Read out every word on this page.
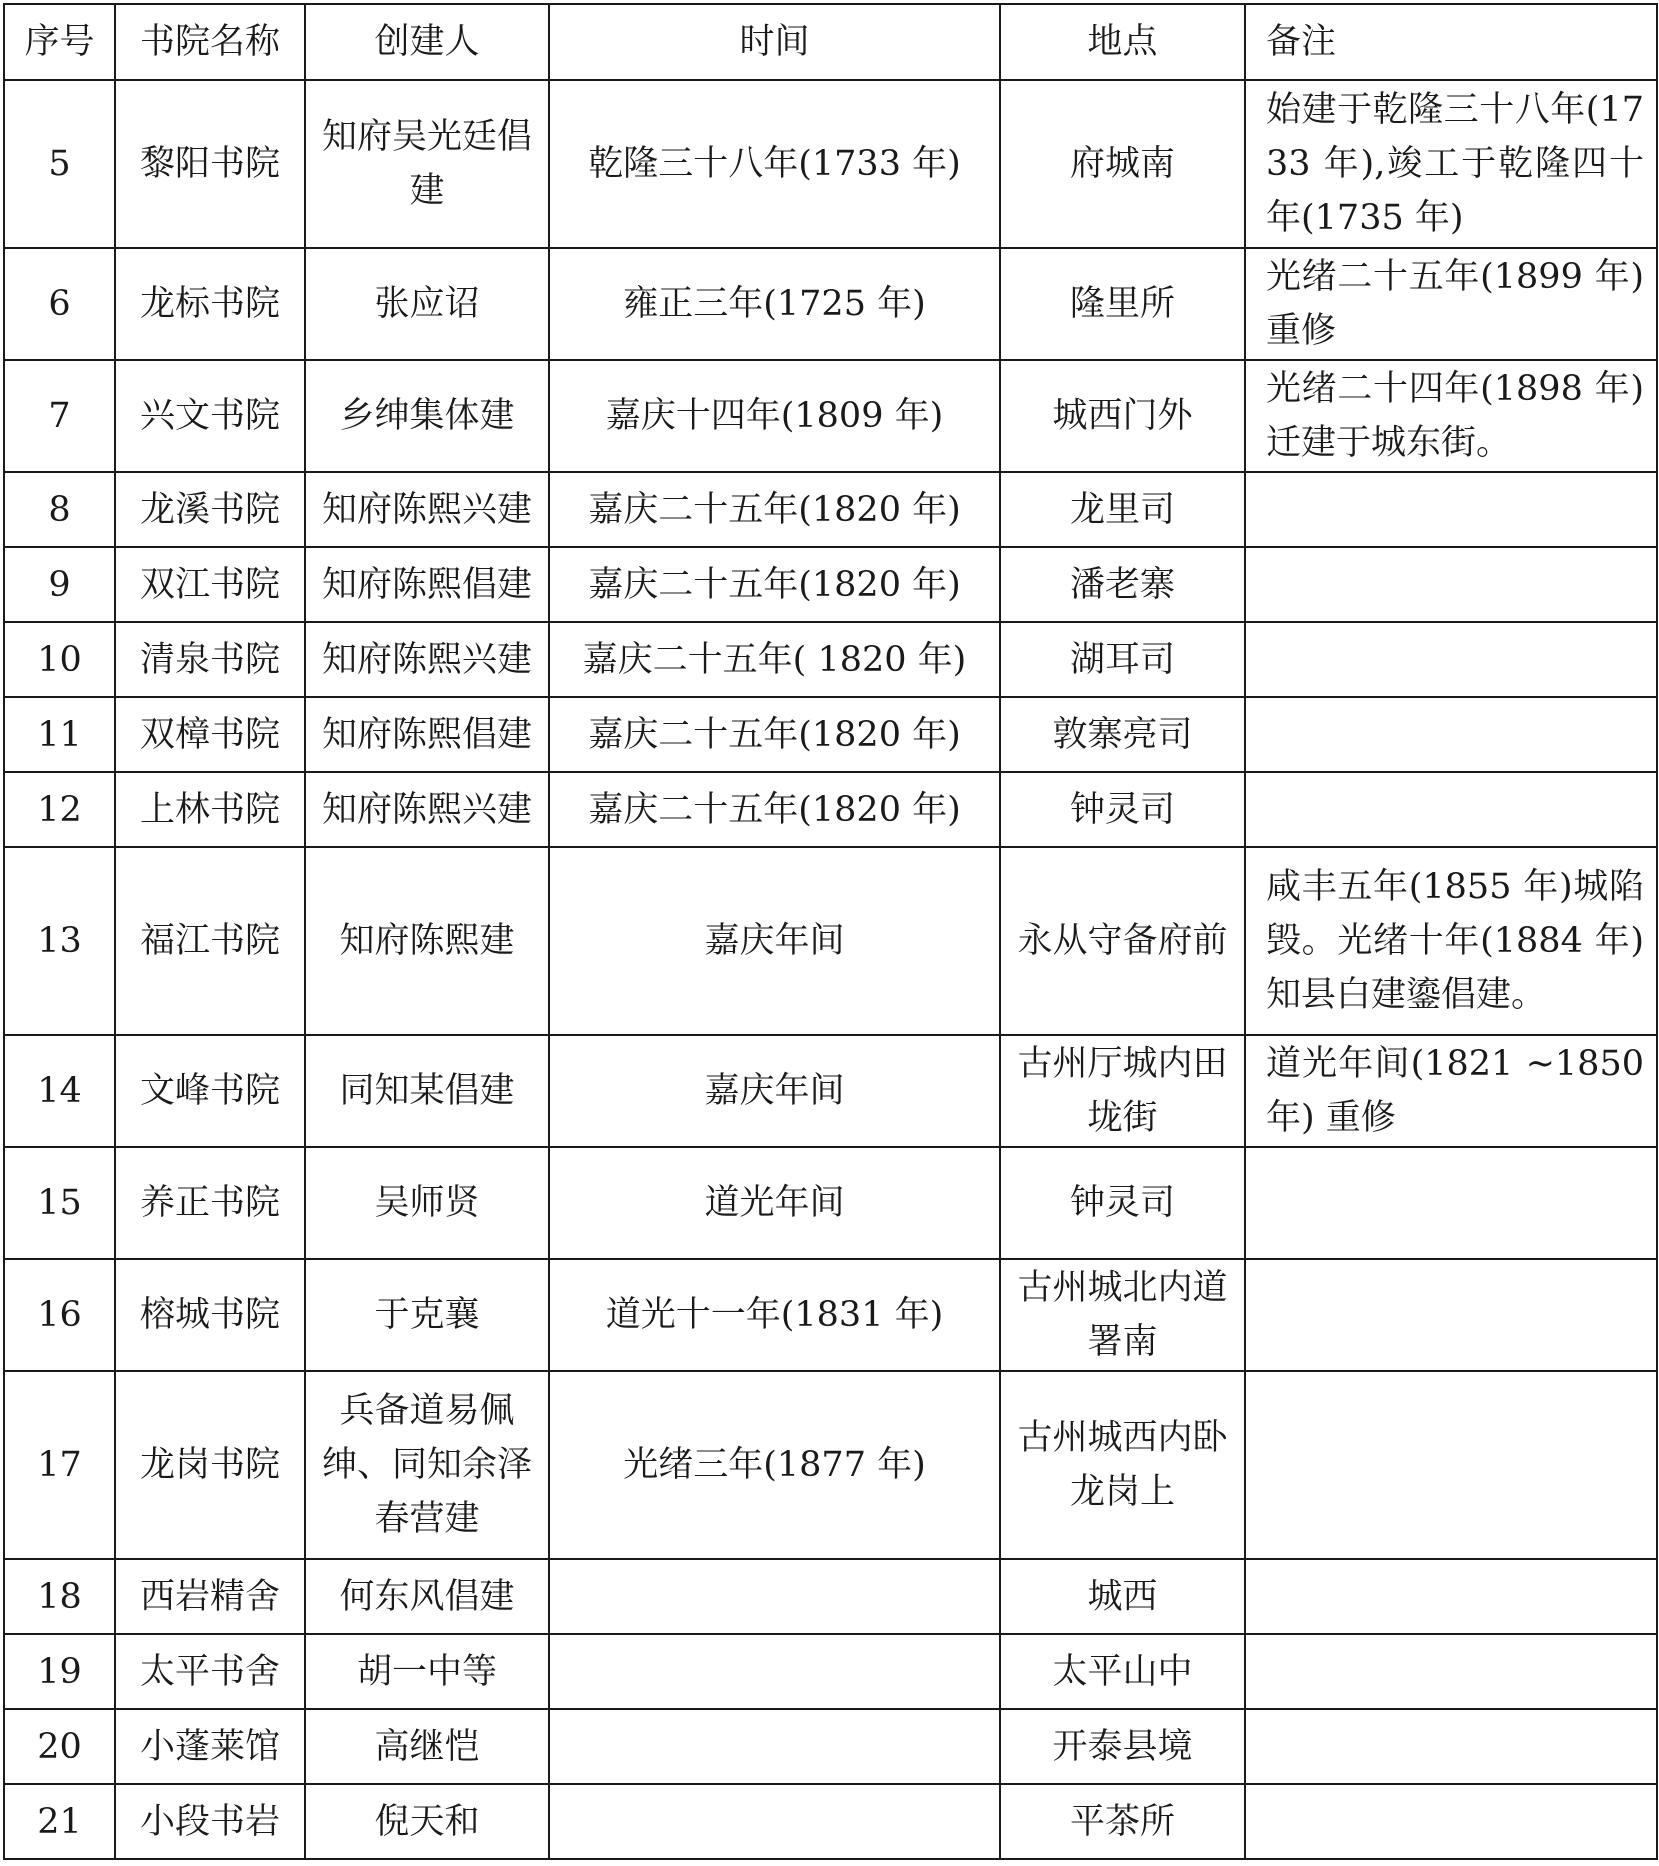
序号	书院名称	创建人	时间	地点	备注
5	黎阳书院	知府吴光廷倡建	乾隆三十八年(1733 年)	府城南	始建于乾隆三十八年(1733 年),竣工于乾隆四十年(1735 年)
6	龙标书院	张应诏	雍正三年(1725 年)	隆里所	光绪二十五年(1899 年)重修
7	兴文书院	乡绅集体建	嘉庆十四年(1809 年)	城西门外	光绪二十四年(1898 年)迁建于城东街。
8	龙溪书院	知府陈熙兴建	嘉庆二十五年(1820 年)	龙里司	
9	双江书院	知府陈熙倡建	嘉庆二十五年(1820 年)	潘老寨	
10	清泉书院	知府陈熙兴建	嘉庆二十五年( 1820 年)	湖耳司	
11	双樟书院	知府陈熙倡建	嘉庆二十五年(1820 年)	敦寨亮司	
12	上林书院	知府陈熙兴建	嘉庆二十五年(1820 年)	钟灵司	
13	福江书院	知府陈熙建	嘉庆年间	永从守备府前	咸丰五年(1855 年)城陷毁。光绪十年(1884 年)知县白建鎏倡建。
14	文峰书院	同知某倡建	嘉庆年间	古州厅城内田垅街	道光年间(1821 ~1850 年) 重修
15	养正书院	吴师贤	道光年间	钟灵司	
16	榕城书院	于克襄	道光十一年(1831 年)	古州城北内道署南	
17	龙岗书院	兵备道易佩绅、同知余泽春营建	光绪三年(1877 年)	古州城西内卧龙岗上	
18	西岩精舍	何东风倡建		城西	
19	太平书舍	胡一中等		太平山中	
20	小蓬莱馆	高继恺		开泰县境	
21	小段书岩	倪天和		平茶所	
